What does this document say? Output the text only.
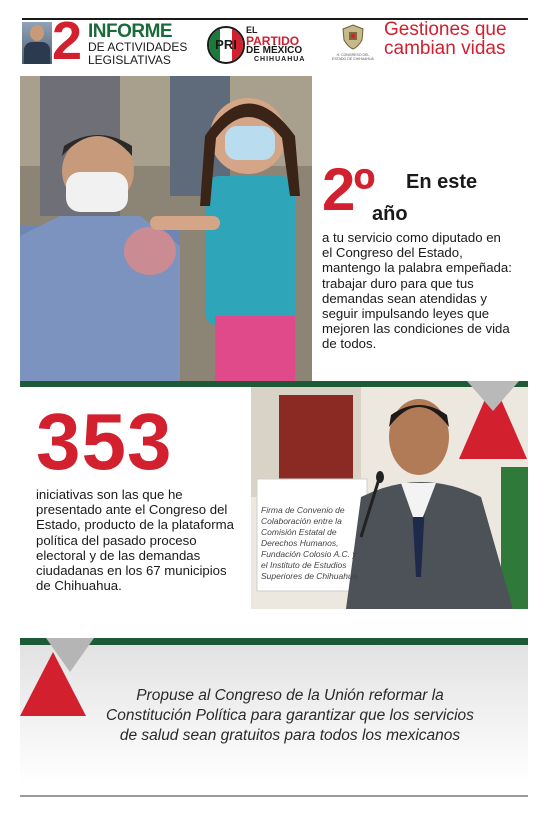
2 INFORME
DE ACTIVIDADES
LEGISLATIVAS
PRI
EL
PARTIDO
DE MÉXICO
CHIHUAHUA
H. CONGRESO DEL ESTADO DE CHIHUAHUA
Gestiones que
cambian vidas
2º En este
año
a tu servicio como diputado en el Congreso del Estado, mantengo la palabra empeñada: trabajar duro para que tus demandas sean atendidas y seguir impulsando leyes que mejoren las condiciones de vida de todos.
353
iniciativas son las que he presentado ante el Congreso del Estado, producto de la plataforma política del pasado proceso electoral y de las demandas ciudadanas en los 67 municipios de Chihuahua.
Firma de Convenio de Colaboración entre la Comisión Estatal de Derechos Humanos, Fundación Colosio A.C. y el Instituto de Estudios Superiores de Chihuahua
Propuse al Congreso de la Unión reformar la Constitución Política para garantizar que los servicios de salud sean gratuitos para todos los mexicanos
